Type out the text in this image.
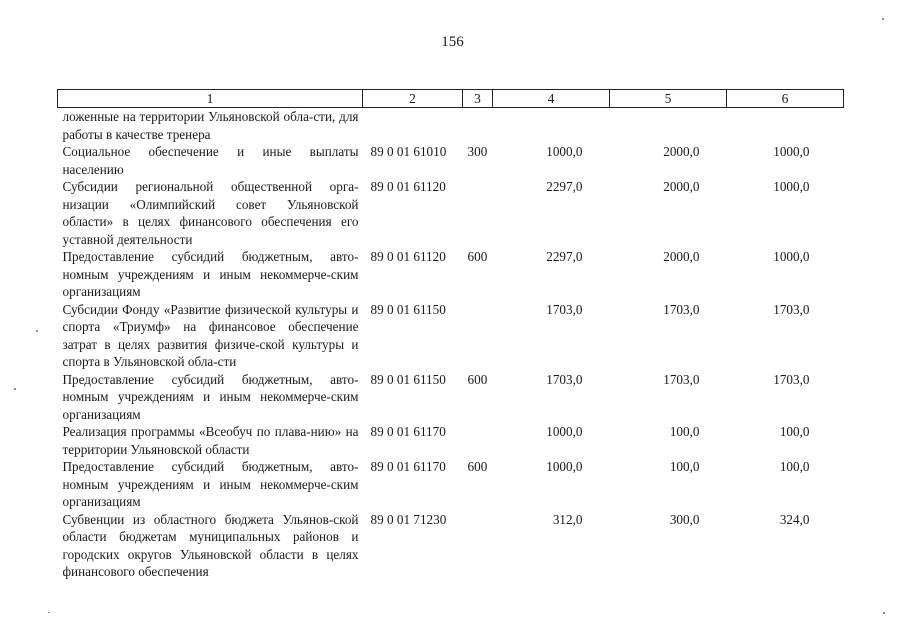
156
1	2	3	4	5	6
ложенные на территории Ульяновской обла-сти, для работы в качестве тренера					
Социальное обеспечение и иные выплаты населению	89 0 01 61010	300	1000,0	2000,0	1000,0
Субсидии региональной общественной орга-низации «Олимпийский совет Ульяновской области» в целях финансового обеспечения его уставной деятельности	89 0 01 61120		2297,0	2000,0	1000,0
Предоставление субсидий бюджетным, авто-номным учреждениям и иным некоммерче-ским организациям	89 0 01 61120	600	2297,0	2000,0	1000,0
Субсидии Фонду «Развитие физической культуры и спорта «Триумф» на финансовое обеспечение затрат в целях развития физиче-ской культуры и спорта в Ульяновской обла-сти	89 0 01 61150		1703,0	1703,0	1703,0
Предоставление субсидий бюджетным, авто-номным учреждениям и иным некоммерче-ским организациям	89 0 01 61150	600	1703,0	1703,0	1703,0
Реализация программы «Всеобуч по плава-нию» на территории Ульяновской области	89 0 01 61170		1000,0	100,0	100,0
Предоставление субсидий бюджетным, авто-номным учреждениям и иным некоммерче-ским организациям	89 0 01 61170	600	1000,0	100,0	100,0
Субвенции из областного бюджета Ульянов-ской области бюджетам муниципальных районов и городских округов Ульяновской области в целях финансового обеспечения	89 0 01 71230		312,0	300,0	324,0
